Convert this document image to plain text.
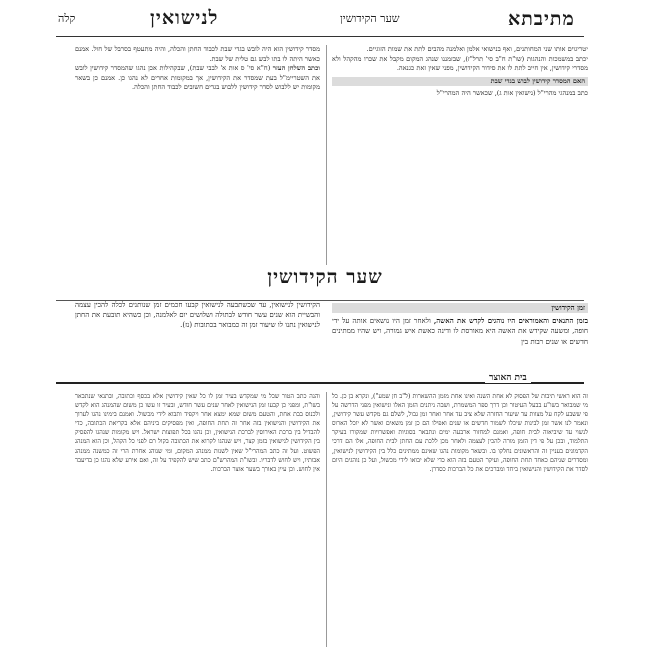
קלה	לנישואין	שער הקידושין	מתיבתא

יטריגוים אותו שני המחותנים, ואף בנישואי אלמן ואלמנה מהבים לתת את שמות הזוגיים.

יכתב במשמכות והנהגות (שו"ת ח"ב סי' תרל"ז), שבזמננו שנהג המקום מקבל את שכרו מהקהל ולא מסדרי קידושין, אין חייב לתת לו את סידור הקידושין, מפני שאין זאת כגנאה.

האם המסדר קידושין לבוש בגדי שבת

כתב במנהגי מהרי"ל (נישואין אות ג), שכאשר היה המהרי"ל

מסדר קידושין הוא היה לובש בגדי שבת לכבוד החתן והכלה, והיה מתעטף בסרבל של חול. אמנם כאשר היתה לו בתו לבש גם טלית של שבת.

וכתב השלחן העזר (ח"א סי' ס אות א' לבבי שבת), שבקהילות אכן נהגו שהמסדר קידושין לובש את השטריימ"ל בעת שמסדר את הקידושין, אך במקומות אחרים לא נהגו כן. אמנם כן בשאר מקומות יש ללבוש לסדר קידושין ללבוש בגדים חשובים לכבוד החתן והכלה.

שער הקידושין
זמן הקידושין

בזמן התנאים והאמוראים היו נוהגים לקדש את האשה, ולאחר זמן היו נושאים אותה על ידי חופה, ומשעה שקידש את האשה היא מאורסת לו ודינה כאשת איש גמורה, ויש שהיו ממתינים חדשים או שנים רבות בין

הקידושין לנישואין, עד שכשתבעה לנישואין קבעו חכמים זמן שנותנים לכלה להכין עצמה והבשיית הוא שנים עשר חודש לבתולה ושלושים יום לאלמנה, וכן כשהיא תובעת את החתן לנישואין נתנו לו שיעור זמן זה כמבואר בכתובות (נז).

בית האוצר

זה הוא ראשי תיבות של הפסוק לא אחת השנה ואינו אחת מזמן ההשארות (ל"ב חן שמע"), ונקרא בן כן. כל מי שמבואר בשו"ע בבעל העיטור וכן דרך ספר המשמרת, ושבה ניתנים הזמן האלו ונישואין מפני הדרשה על פי ששבע לקח על מצוות עד שיעור החזרה שלא ציב עד אחר ואחר זמן גבול, לשלם גם מקדש עשר קידושין, ונאמר לנו אשר זמן לבינות שיכלו לשמור חדשים או שנים ואפילו הם כן זמן משאים ואשר לא יוכל הארוס לנשוי עד שיביאוה לבית חופה, ואמנם למחזור ארבעה ימים ונתבאר בסוגיות ואפשרויות שמקורו בעיקר התלמוד, ובכן על פי דין הזמן מורה להכין לעצמה ולאחר מכן ללכת עם החתן לבית החופה, אלו הם דרכי הקדמונים בעניין זה והראשונים נחלקו בו. ובשאר מקומות נהגו שאינם ממתינים כלל בין הקידושין לנישואין, ומסדרים שניהם כאחד תחת החופה, ועיקר הטעם בזה הוא כדי שלא יבואו לידי מכשול, ועל כן נוהגים היום לסדר את הקידושין והנישואין ביחד ומברכים את כל הברכות כסדרן.

והנה כתב הטור שכל מי שמקדש בעיר זמן לו כל שאין קידושין אלא בכסף וכתובה, ובתנאי שנתבאר בשו"ת, ומפני כן קבעו זמן הנישואין לאחר שנים עשר חודש, ובעיר זו עשו כן משום שהמנהג הוא לקדש ולכנוס בבת אחת, והטעם משום שמא ימצא אחר ויקפיד ותבוא לידי מכשול. ואמנם בימינו נהגו לערוך את הקידושין והנישואין בזה אחר זה תחת החופה, ואין מפסיקים ביניהם אלא בקריאת הכתובה, כדי להבדיל בין ברכת האירוסין לברכת הנישואין, וכן נהגו בכל תפוצות ישראל. ויש מקומות שנהגו להפסיק בין הקידושין לנישואין בזמן קצר, ויש שנהגו לקרוא את הכתובה בקול רם לפני כל הקהל, וכן הוא המנהג הפשוט. ועל זה כתב המהרי"ל שאין לשנות ממנהג המקום, ומי שנוהג אחרת הרי זה כמשנה ממנהג אבותיו, ויש לחוש לדבריו. ובשו"ת המהרש"ם כתב שיש להקפיד על זה, ואם אירע שלא נהגו כן בדיעבד אין לחוש. וכן עיין באורך בשער אוצר הברכות.
